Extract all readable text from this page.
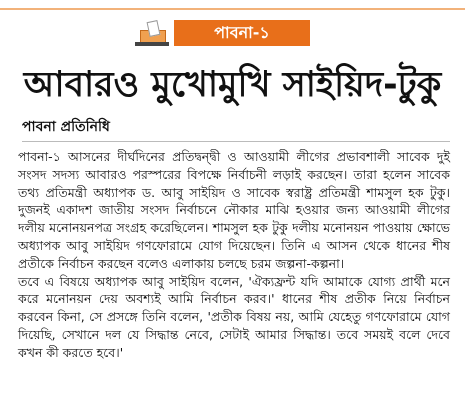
পাবনা-১
আবারও মুখোমুখি সাইয়িদ-টুকু
পাবনা প্রতিনিধি

পাবনা-১ আসনের দীর্ঘদিনের প্রতিদ্বন্দ্বী ও আওয়ামী লীগের প্রভাবশালী সাবেক দুই সংসদ সদস্য আবারও পরস্পরের বিপক্ষে নির্বাচনী লড়াই করছেন। তারা হলেন সাবেক তথ্য প্রতিমন্ত্রী অধ্যাপক ড. আবু সাইয়িদ ও সাবেক স্বরাষ্ট্র প্রতিমন্ত্রী শামসুল হক টুকু। দুজনই একাদশ জাতীয় সংসদ নির্বাচনে নৌকার মাঝি হওয়ার জন্য আওয়ামী লীগের দলীয় মনোনয়নপত্র সংগ্রহ করেছিলেন। শামসুল হক টুকু দলীয় মনোনয়ন পাওয়ায় ক্ষোভে অধ্যাপক আবু সাইয়িদ গণফোরামে যোগ দিয়েছেন। তিনি এ আসন থেকে ধানের শীষ প্রতীকে নির্বাচন করছেন বলেও এলাকায় চলছে চরম জল্পনা-কল্পনা।

তবে এ বিষয়ে অধ্যাপক আবু সাইয়িদ বলেন, 'ঐক্যফ্রন্ট যদি আমাকে যোগ্য প্রার্থী মনে করে মনোনয়ন দেয় অবশ্যই আমি নির্বাচন করব।' ধানের শীষ প্রতীক নিয়ে নির্বাচন করবেন কিনা, সে প্রসঙ্গে তিনি বলেন, 'প্রতীক বিষয় নয়, আমি যেহেতু গণফোরামে যোগ দিয়েছি, সেখানে দল যে সিদ্ধান্ত নেবে, সেটাই আমার সিদ্ধান্ত। তবে সময়ই বলে দেবে কখন কী করতে হবে।'
